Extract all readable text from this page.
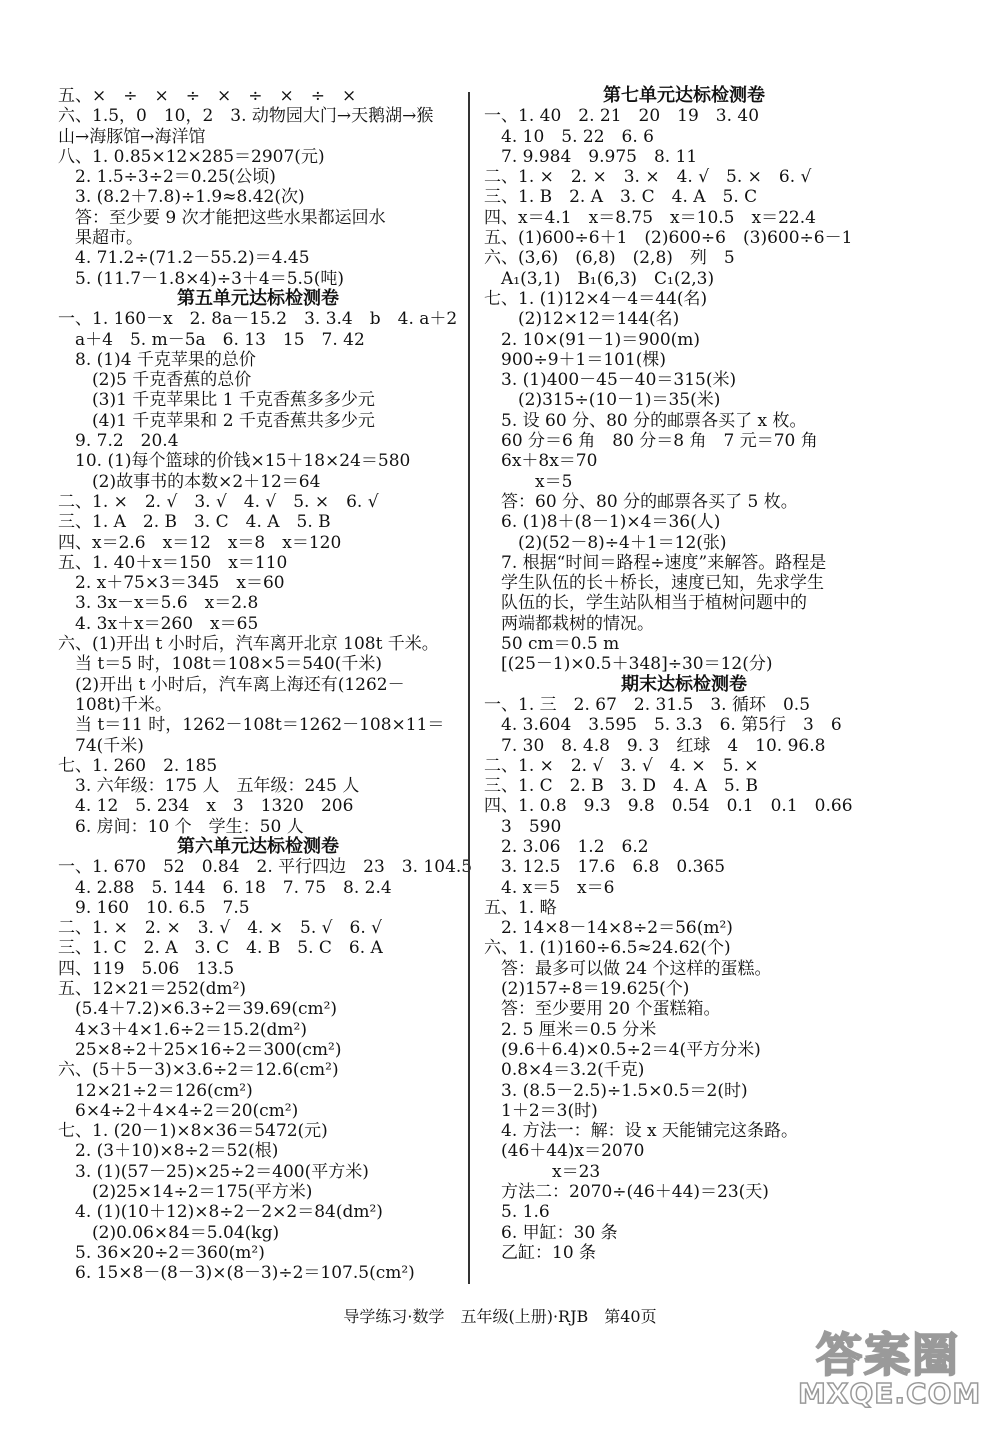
五、×　÷　×　÷　×　÷　×　÷　×
六、1.5，0　10，2　3. 动物园大门→天鹅湖→猴
山→海豚馆→海洋馆
八、1. 0.85×12×285＝2907(元)
　2. 1.5÷3÷2＝0.25(公顷)
　3. (8.2＋7.8)÷1.9≈8.42(次)
　答：至少要 9 次才能把这些水果都运回水
　果超市。
　4. 71.2÷(71.2－55.2)＝4.45
　5. (11.7－1.8×4)÷3＋4＝5.5(吨)
第五单元达标检测卷
一、1. 160－x　2. 8a－15.2　3. 3.4　b　4. a＋2
　a＋4　5. m－5a　6. 13　15　7. 42
　8. (1)4 千克苹果的总价
　　(2)5 千克香蕉的总价
　　(3)1 千克苹果比 1 千克香蕉多多少元
　　(4)1 千克苹果和 2 千克香蕉共多少元
　9. 7.2　20.4
　10. (1)每个篮球的价钱×15＋18×24＝580
　　(2)故事书的本数×2＋12＝64
二、1. ×　2. √　3. √　4. √　5. ×　6. √
三、1. A　2. B　3. C　4. A　5. B
四、x＝2.6　x＝12　x＝8　x＝120
五、1. 40＋x＝150　x＝110
　2. x＋75×3＝345　x＝60
　3. 3x－x＝5.6　x＝2.8
　4. 3x＋x＝260　x＝65
六、(1)开出 t 小时后，汽车离开北京 108t 千米。
　当 t＝5 时，108t＝108×5＝540(千米)
　(2)开出 t 小时后，汽车离上海还有(1262－
　108t)千米。
　当 t＝11 时，1262－108t＝1262－108×11＝
　74(千米)
七、1. 260　2. 185
　3. 六年级：175 人　五年级：245 人
　4. 12　5. 234　x　3　1320　206
　6. 房间：10 个　学生：50 人
第六单元达标检测卷
一、1. 670　52　0.84　2. 平行四边　23　3. 104.5
　4. 2.88　5. 144　6. 18　7. 75　8. 2.4
　9. 160　10. 6.5　7.5
二、1. ×　2. ×　3. √　4. ×　5. √　6. √
三、1. C　2. A　3. C　4. B　5. C　6. A
四、119　5.06　13.5
五、12×21＝252(dm²)
　(5.4＋7.2)×6.3÷2＝39.69(cm²)
　4×3＋4×1.6÷2＝15.2(dm²)
　25×8÷2＋25×16÷2＝300(cm²)
六、(5＋5－3)×3.6÷2＝12.6(cm²)
　12×21÷2＝126(cm²)
　6×4÷2＋4×4÷2＝20(cm²)
七、1. (20－1)×8×36＝5472(元)
　2. (3＋10)×8÷2＝52(根)
　3. (1)(57－25)×25÷2＝400(平方米)
　　(2)25×14÷2＝175(平方米)
　4. (1)(10＋12)×8÷2－2×2＝84(dm²)
　　(2)0.06×84＝5.04(kg)
　5. 36×20÷2＝360(m²)
　6. 15×8－(8－3)×(8－3)÷2＝107.5(cm²)
第七单元达标检测卷
一、1. 40　2. 21　20　19　3. 40
　4. 10　5. 22　6. 6
　7. 9.984　9.975　8. 11
二、1. ×　2. ×　3. ×　4. √　5. ×　6. √
三、1. B　2. A　3. C　4. A　5. C
四、x＝4.1　x＝8.75　x＝10.5　x＝22.4
五、(1)600÷6＋1　(2)600÷6　(3)600÷6－1
六、(3,6)　(6,8)　(2,8)　列　5
　A₁(3,1)　B₁(6,3)　C₁(2,3)
七、1. (1)12×4－4＝44(名)
　　(2)12×12＝144(名)
　2. 10×(91－1)＝900(m)
　900÷9＋1＝101(棵)
　3. (1)400－45－40＝315(米)
　　(2)315÷(10－1)＝35(米)
　5. 设 60 分、80 分的邮票各买了 x 枚。
　60 分＝6 角　80 分＝8 角　7 元＝70 角
　6x＋8x＝70
　　　x＝5
　答：60 分、80 分的邮票各买了 5 枚。
　6. (1)8＋(8－1)×4＝36(人)
　　(2)(52－8)÷4＋1＝12(张)
　7. 根据“时间＝路程÷速度”来解答。路程是
　学生队伍的长＋桥长，速度已知，先求学生
　队伍的长，学生站队相当于植树问题中的
　两端都栽树的情况。
　50 cm＝0.5 m
　[(25－1)×0.5＋348]÷30＝12(分)
期末达标检测卷
一、1. 三　2. 67　2. 31.5　3. 循环　0.5
　4. 3.604　3.595　5. 3.3　6. 第5行　3　6
　7. 30　8. 4.8　9. 3　红球　4　10. 96.8
二、1. ×　2. √　3. √　4. ×　5. ×
三、1. C　2. B　3. D　4. A　5. B
四、1. 0.8　9.3　9.8　0.54　0.1　0.1　0.66
　3　590
　2. 3.06　1.2　6.2
　3. 12.5　17.6　6.8　0.365
　4. x＝5　x＝6
五、1. 略
　2. 14×8－14×8÷2＝56(m²)
六、1. (1)160÷6.5≈24.62(个)
　答：最多可以做 24 个这样的蛋糕。
　(2)157÷8＝19.625(个)
　答：至少要用 20 个蛋糕箱。
　2. 5 厘米＝0.5 分米
　(9.6＋6.4)×0.5÷2＝4(平方分米)
　0.8×4＝3.2(千克)
　3. (8.5－2.5)÷1.5×0.5＝2(时)
　1＋2＝3(时)
　4. 方法一：解：设 x 天能铺完这条路。
　(46＋44)x＝2070
　　　　x＝23
　方法二：2070÷(46＋44)＝23(天)
　5. 1.6
　6. 甲缸：30 条
　乙缸：10 条
导学练习·数学　五年级(上册)·RJB　第40页
答案圈
MXQE.COM
